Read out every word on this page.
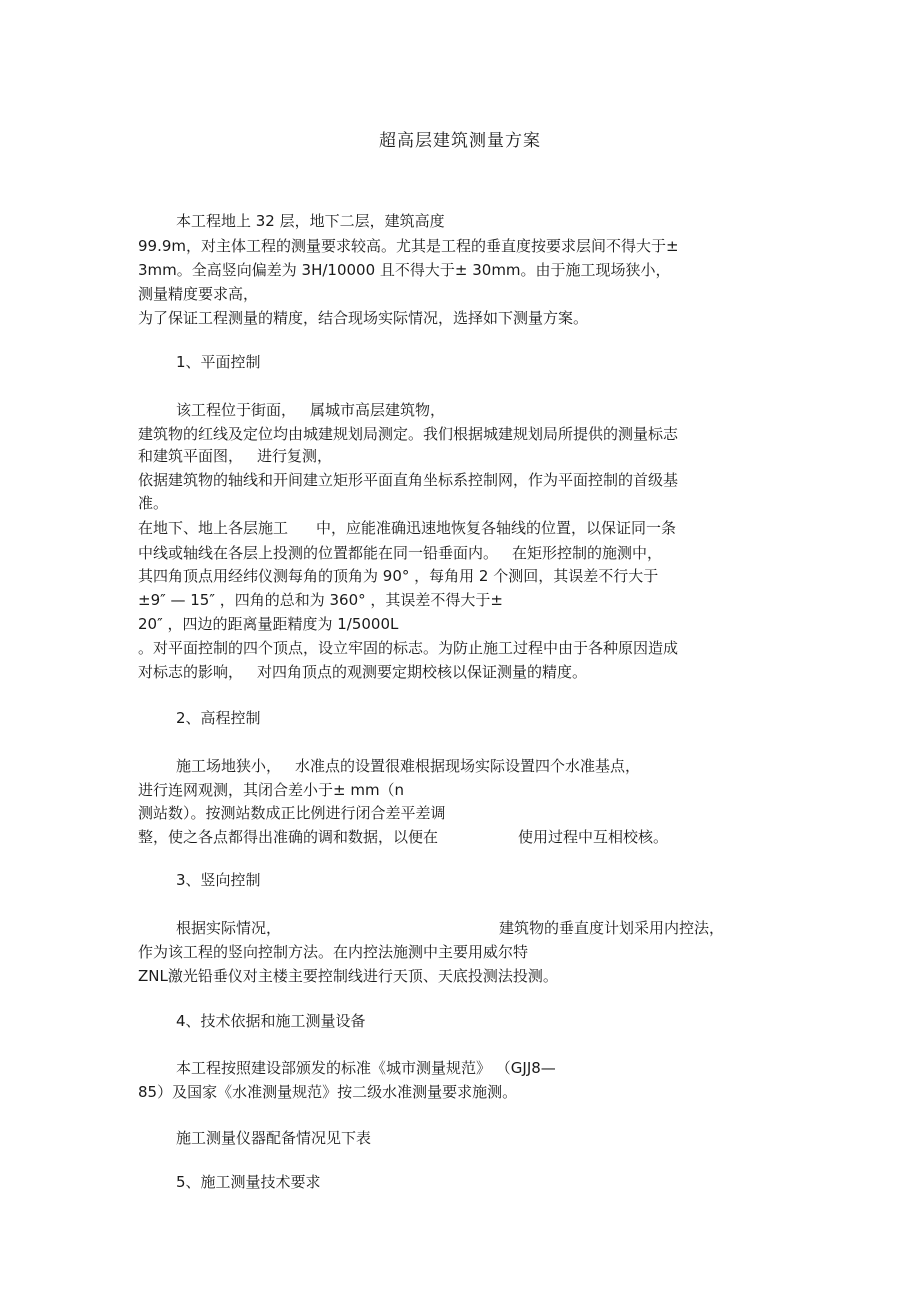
超高层建筑测量方案
本工程地上 32 层，地下二层，建筑高度
99.9m，对主体工程的测量要求较高。尤其是工程的垂直度按要求层间不得大于±
3mm。全高竖向偏差为 3H/10000 且不得大于± 30mm。由于施工现场狭小，
测量精度要求高，
为了保证工程测量的精度，结合现场实际情况，选择如下测量方案。
1、平面控制
该工程位于街面， 属城市高层建筑物，
建筑物的红线及定位均由城建规划局测定。我们根据城建规划局所提供的测量标志
和建筑平面图， 进行复测，
依据建筑物的轴线和开间建立矩形平面直角坐标系控制网，作为平面控制的首级基
准。
在地下、地上各层施工 中，应能准确迅速地恢复各轴线的位置，以保证同一条
中线或轴线在各层上投测的位置都能在同一铅垂面内。 在矩形控制的施测中，
其四角顶点用经纬仪测每角的顶角为 90° ，每角用 2 个测回，其误差不行大于
±9″ — 15″ ，四角的总和为 360° ，其误差不得大于±
20″ ，四边的距离量距精度为 1/5000L
。对平面控制的四个顶点，设立牢固的标志。为防止施工过程中由于各种原因造成
对标志的影响， 对四角顶点的观测要定期校核以保证测量的精度。
2、高程控制
施工场地狭小， 水准点的设置很难根据现场实际设置四个水准基点，
进行连网观测，其闭合差小于± mm（n
测站数）。按测站数成正比例进行闭合差平差调
整，使之各点都得出准确的调和数据，以便在	使用过程中互相校核。
3、竖向控制
根据实际情况，	建筑物的垂直度计划采用内控法，
作为该工程的竖向控制方法。在内控法施测中主要用威尔特
ZNL激光铅垂仪对主楼主要控制线进行天顶、天底投测法投测。
4、技术依据和施工测量设备
本工程按照建设部颁发的标准《城市测量规范》 （GJJ8—
85）及国家《水准测量规范》按二级水准测量要求施测。
施工测量仪器配备情况见下表
5、施工测量技术要求
